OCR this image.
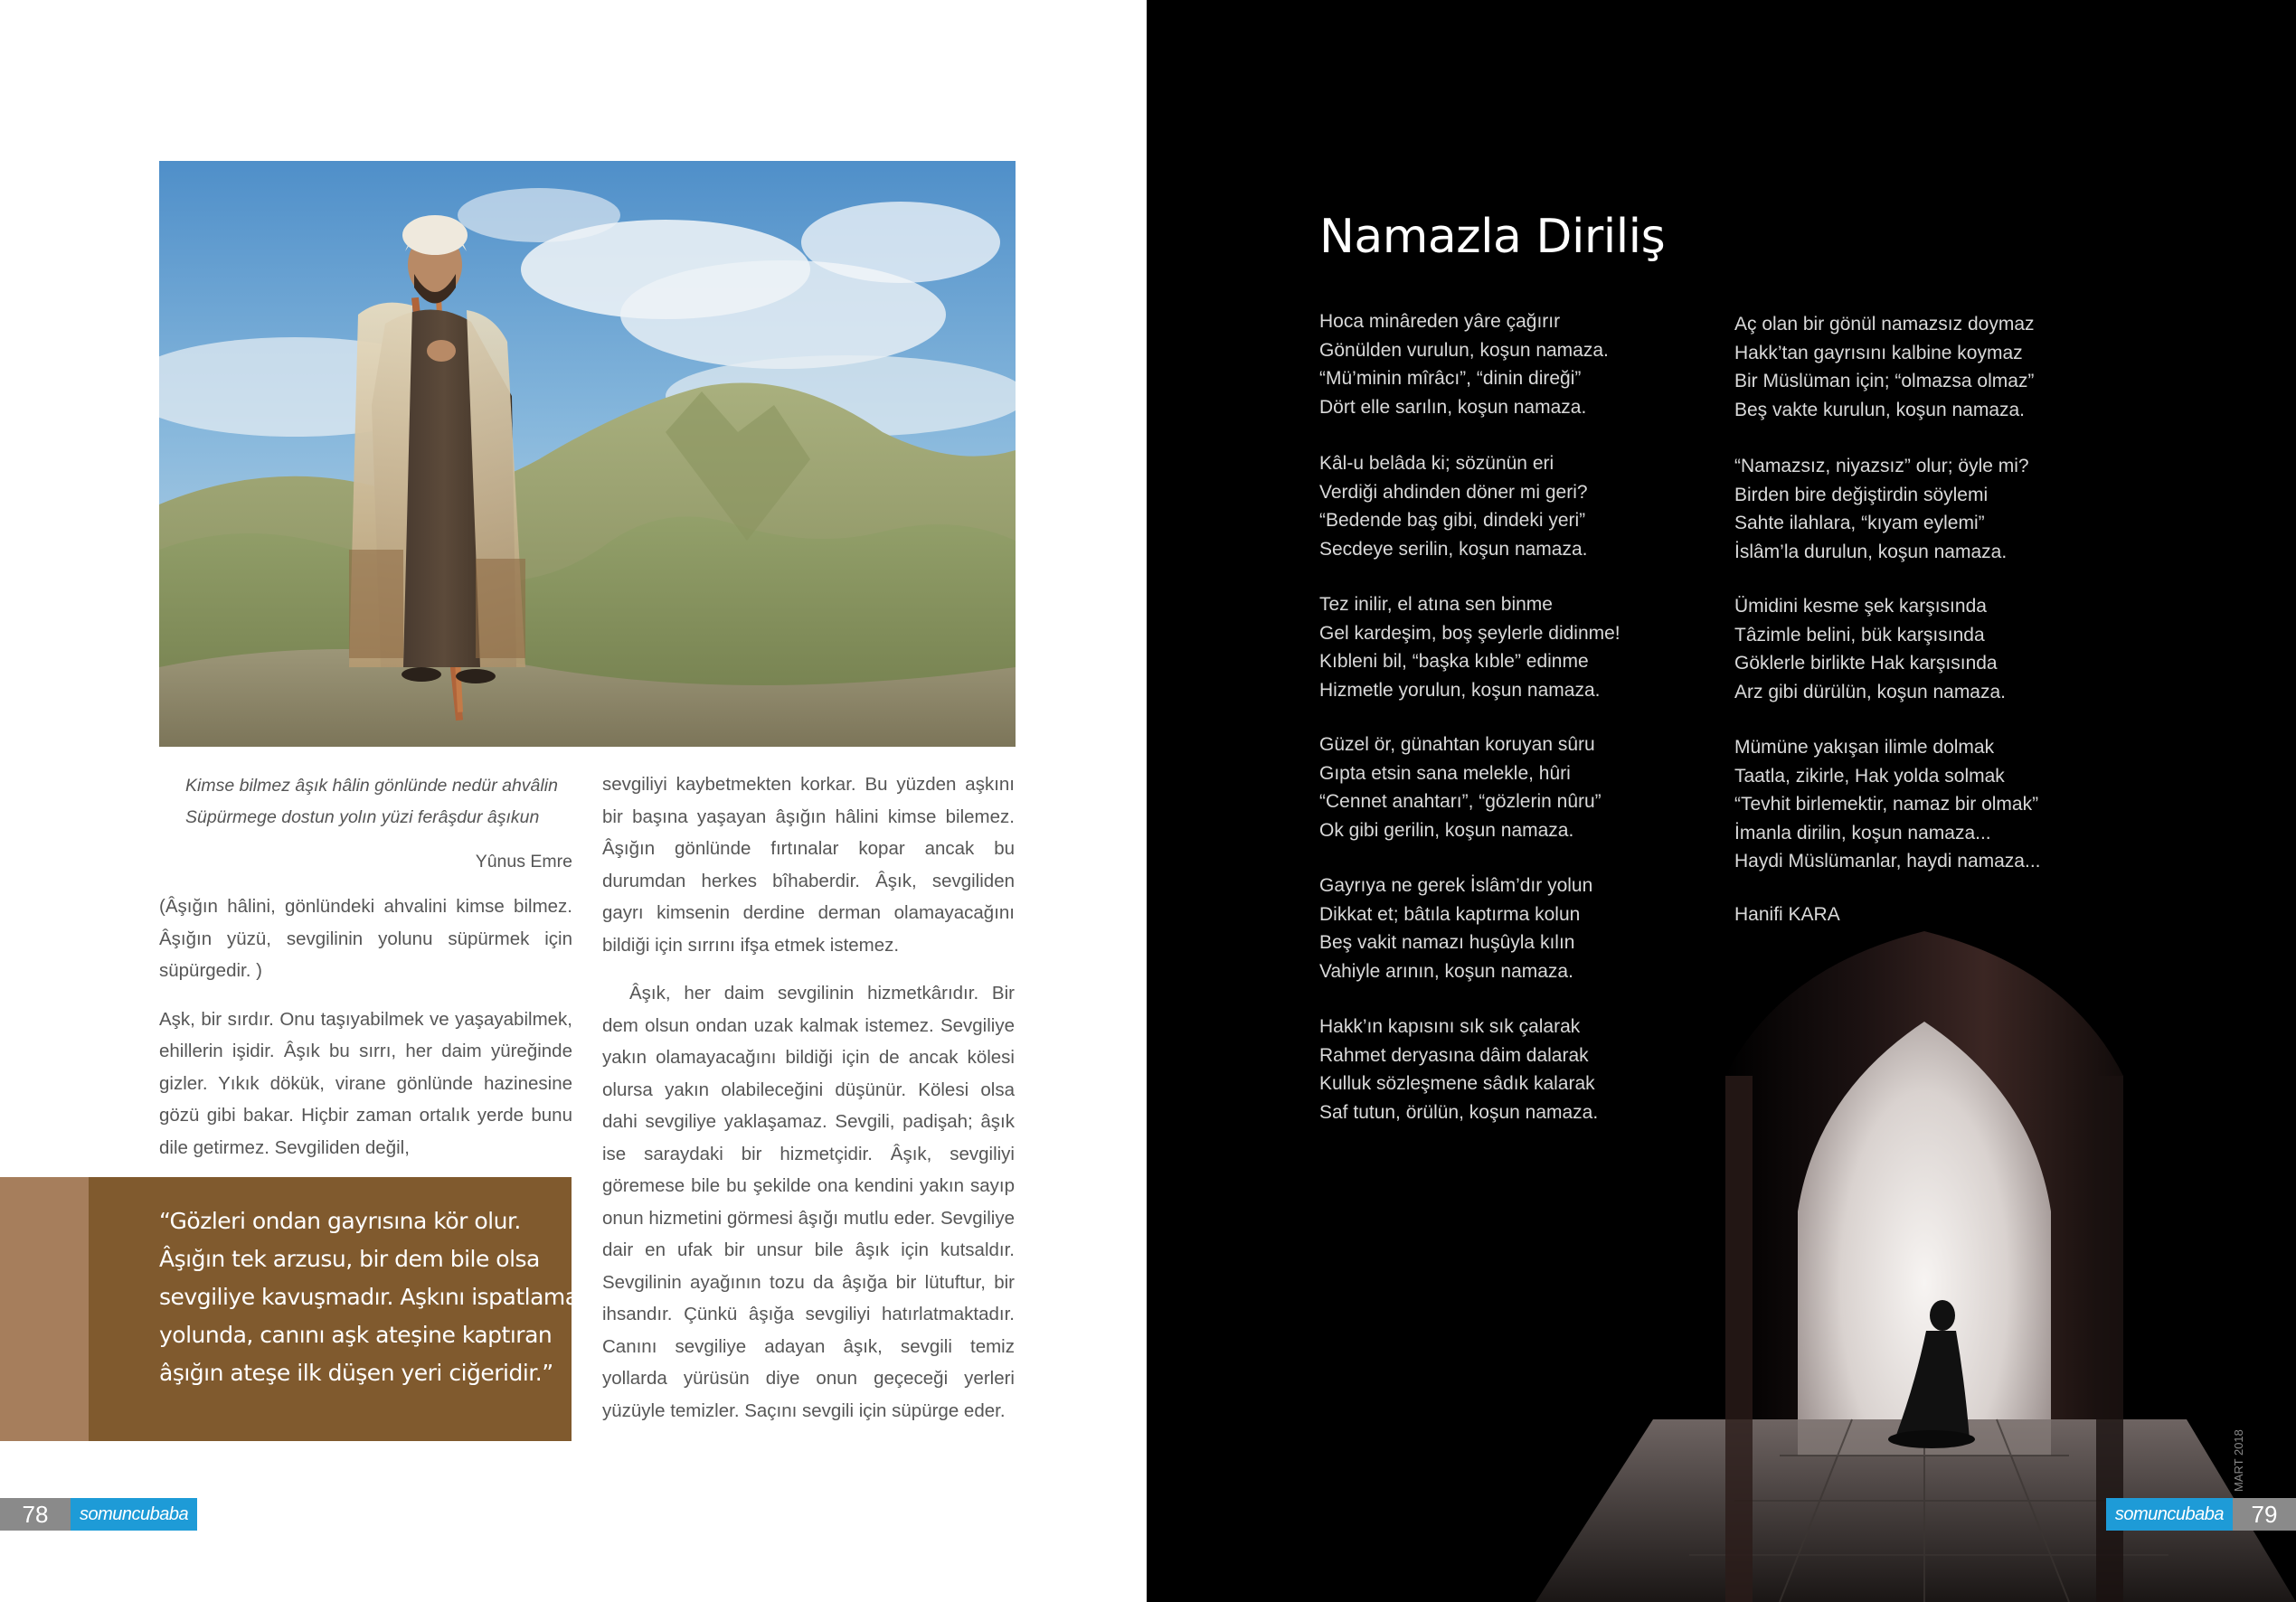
Kimse bilmez âşık hâlin gönlünde nedür ahvâlin
Süpürmege dostun yolın yüzi ferâşdur âşıkun
Yûnus Emre

(Âşığın hâlini, gönlündeki ahvalini kimse bilmez. Âşığın yüzü, sevgilinin yolunu süpürmek için süpürgedir. )

Aşk, bir sırdır. Onu taşıyabilmek ve yaşayabilmek, ehillerin işidir. Âşık bu sırrı, her daim yüreğinde gizler. Yıkık dökük, virane gönlünde hazinesine gözü gibi bakar. Hiçbir zaman ortalık yerde bunu dile getirmez. Sevgiliden değil,

sevgiliyi kaybetmekten korkar. Bu yüzden aşkını bir başına yaşayan âşığın hâlini kimse bilemez. Âşığın gönlünde fırtınalar kopar ancak bu durumdan herkes bîhaberdir. Âşık, sevgiliden gayrı kimsenin derdine derman olamayacağını bildiği için sırrını ifşa etmek istemez.

Âşık, her daim sevgilinin hizmetkârıdır. Bir dem olsun ondan uzak kalmak istemez. Sevgiliye yakın olamayacağını bildiği için de ancak kölesi olursa yakın olabileceğini düşünür. Kölesi olsa dahi sevgiliye yaklaşamaz. Sevgili, padişah; âşık ise saraydaki bir hizmetçidir. Âşık, sevgiliyi göremese bile bu şekilde ona kendini yakın sayıp onun hizmetini görmesi âşığı mutlu eder. Sevgiliye dair en ufak bir unsur bile âşık için kutsaldır. Sevgilinin ayağının tozu da âşığa bir lütuftur, bir ihsandır. Çünkü âşığa sevgiliyi hatırlatmaktadır. Canını sevgiliye adayan âşık, sevgili temiz yollarda yürüsün diye onun geçeceği yerleri yüzüyle temizler. Saçını sevgili için süpürge eder.

“Gözleri ondan gayrısına kör olur.
Âşığın tek arzusu, bir dem bile olsa
sevgiliye kavuşmadır. Aşkını ispatlama
yolunda, canını aşk ateşine kaptıran
âşığın ateşe ilk düşen yeri ciğeridir.”
78	somuncubaba
Namazla Diriliş
Hoca minâreden yâre çağırır
Gönülden vurulun, koşun namaza.
“Mü’minin mîrâcı”, “dinin direği”
Dört elle sarılın, koşun namaza.
Kâl-u belâda ki; sözünün eri
Verdiği ahdinden döner mi geri?
“Bedende baş gibi, dindeki yeri”
Secdeye serilin, koşun namaza.
Tez inilir, el atına sen binme
Gel kardeşim, boş şeylerle didinme!
Kıbleni bil, “başka kıble” edinme
Hizmetle yorulun, koşun namaza.
Güzel ör, günahtan koruyan sûru
Gıpta etsin sana melekle, hûri
“Cennet anahtarı”, “gözlerin nûru”
Ok gibi gerilin, koşun namaza.
Gayrıya ne gerek İslâm’dır yolun
Dikkat et; bâtıla kaptırma kolun
Beş vakit namazı huşûyla kılın
Vahiyle arının, koşun namaza.
Hakk’ın kapısını sık sık çalarak
Rahmet deryasına dâim dalarak
Kulluk sözleşmene sâdık kalarak
Saf tutun, örülün, koşun namaza.
Aç olan bir gönül namazsız doymaz
Hakk’tan gayrısını kalbine koymaz
Bir Müslüman için; “olmazsa olmaz”
Beş vakte kurulun, koşun namaza.
“Namazsız, niyazsız” olur; öyle mi?
Birden bire değiştirdin söylemi
Sahte ilahlara, “kıyam eylemi”
İslâm’la durulun, koşun namaza.
Ümidini kesme şek karşısında
Tâzimle belini, bük karşısında
Göklerle birlikte Hak karşısında
Arz gibi dürülün, koşun namaza.
Mümüne yakışan ilimle dolmak
Taatla, zikirle, Hak yolda solmak
“Tevhit birlemektir, namaz bir olmak”
İmanla dirilin, koşun namaza...
Haydi Müslümanlar, haydi namaza...
Hanifi KARA
MART 2018
somuncubaba	79
